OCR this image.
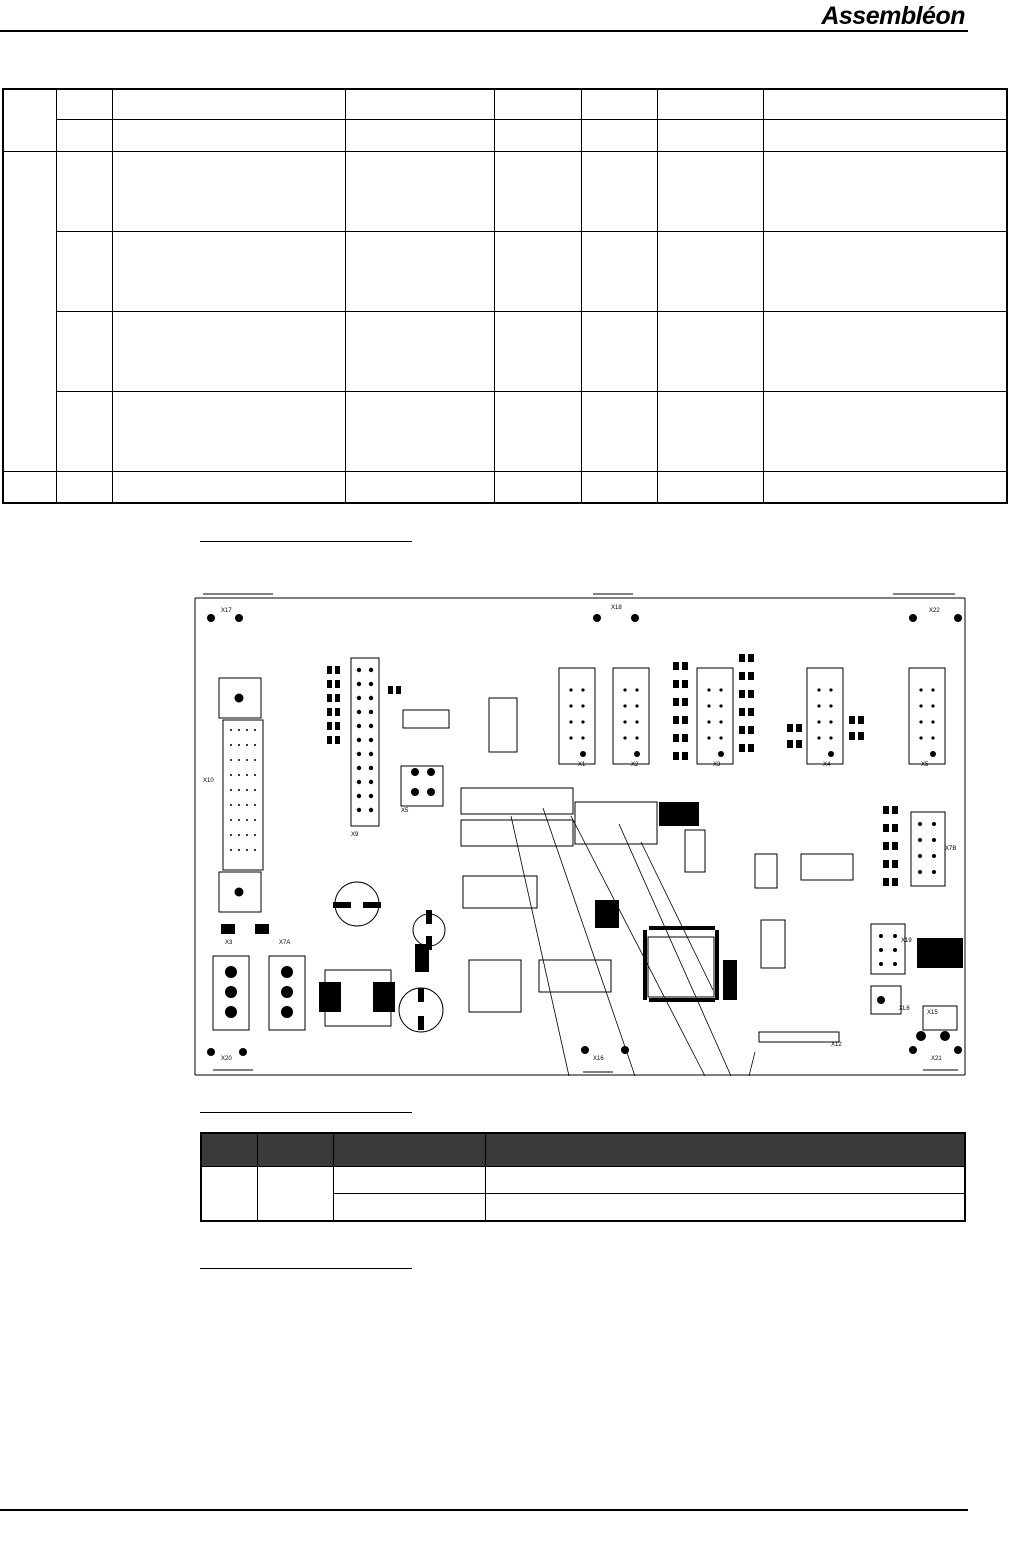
Assembléon

X17	X18	X22
X10
X9
X5
X1	X2	X3	X4	X5
X7B
X19
X3	X7A
X20	X16
X12
XL6
X15
X21
